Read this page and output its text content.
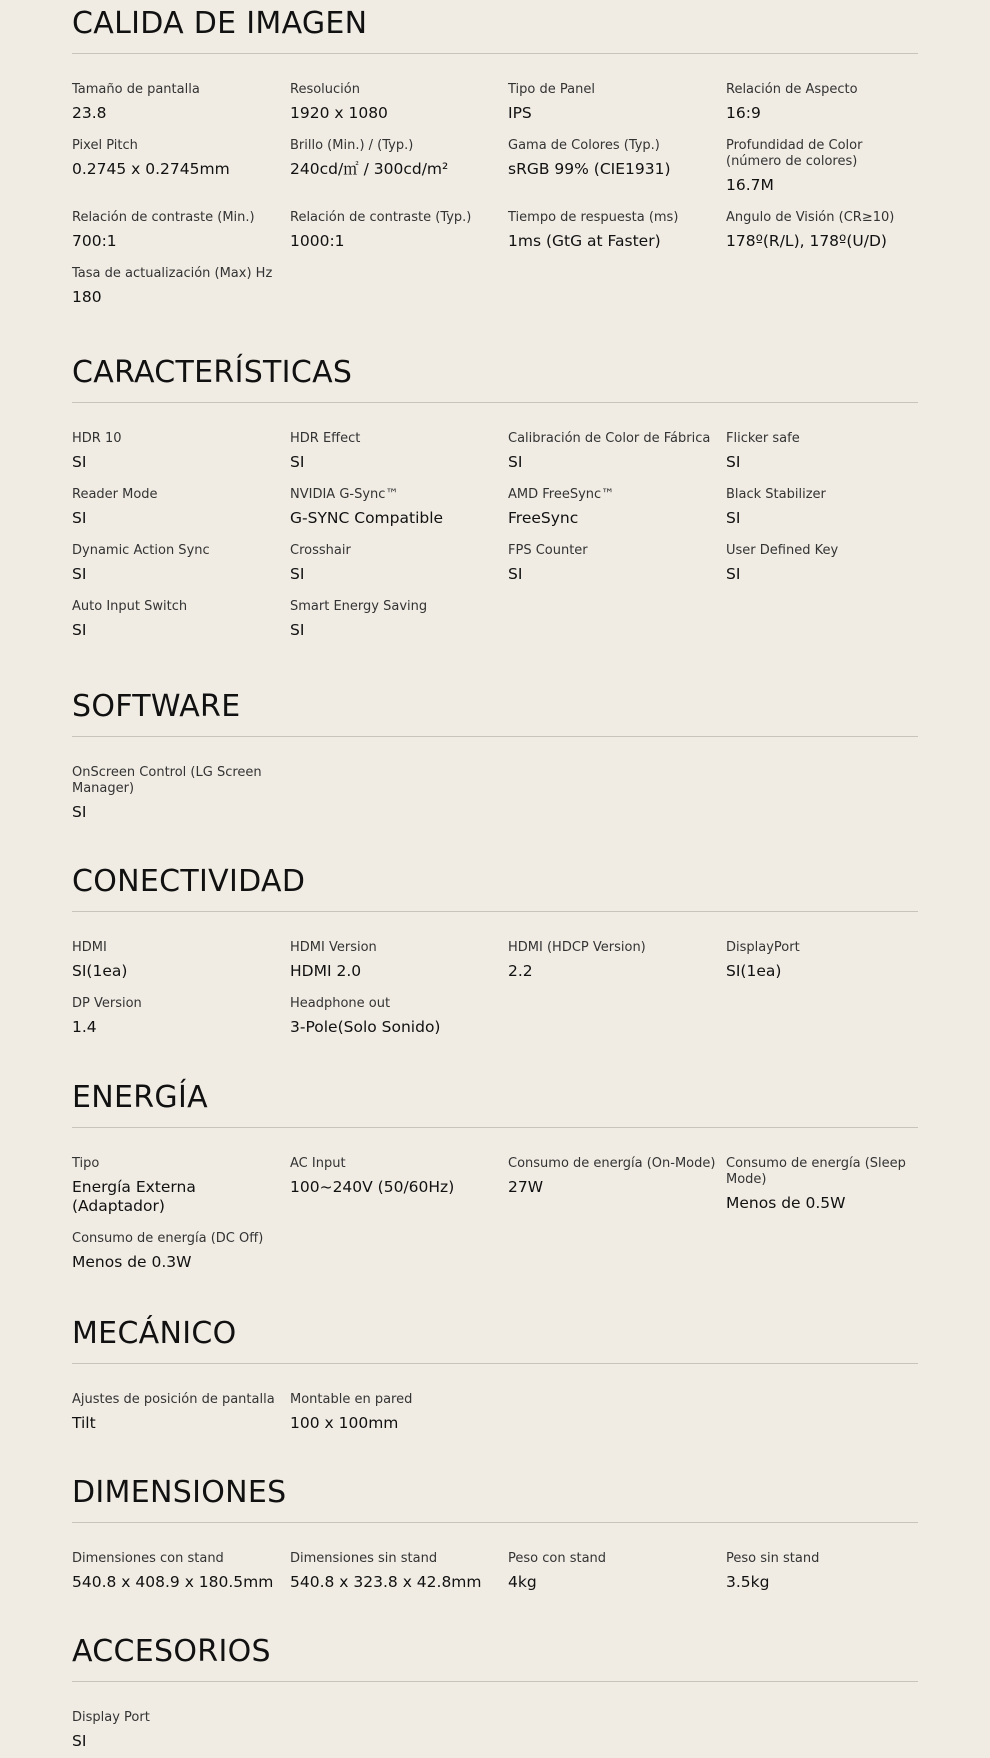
CALIDA DE IMAGEN
Tamaño de pantalla
23.8
Resolución
1920 x 1080
Tipo de Panel
IPS
Relación de Aspecto
16:9
Pixel Pitch
0.2745 x 0.2745mm
Brillo (Min.) / (Typ.)
240cd/㎡ / 300cd/m²
Gama de Colores (Typ.)
sRGB 99% (CIE1931)
Profundidad de Color (número de colores)
16.7M
Relación de contraste (Min.)
700:1
Relación de contraste (Typ.)
1000:1
Tiempo de respuesta (ms)
1ms (GtG at Faster)
Angulo de Visión (CR≥10)
178º(R/L), 178º(U/D)
Tasa de actualización (Max) Hz
180
CARACTERÍSTICAS
HDR 10
SI
HDR Effect
SI
Calibración de Color de Fábrica
SI
Flicker safe
SI
Reader Mode
SI
NVIDIA G-Sync™
G-SYNC Compatible
AMD FreeSync™
FreeSync
Black Stabilizer
SI
Dynamic Action Sync
SI
Crosshair
SI
FPS Counter
SI
User Defined Key
SI
Auto Input Switch
SI
Smart Energy Saving
SI
SOFTWARE
OnScreen Control (LG Screen Manager)
SI
CONECTIVIDAD
HDMI
SI(1ea)
HDMI Version
HDMI 2.0
HDMI (HDCP Version)
2.2
DisplayPort
SI(1ea)
DP Version
1.4
Headphone out
3-Pole(Solo Sonido)
ENERGÍA
Tipo
Energía Externa (Adaptador)
AC Input
100~240V (50/60Hz)
Consumo de energía (On-Mode)
27W
Consumo de energía (Sleep Mode)
Menos de 0.5W
Consumo de energía (DC Off)
Menos de 0.3W
MECÁNICO
Ajustes de posición de pantalla
Tilt
Montable en pared
100 x 100mm
DIMENSIONES
Dimensiones con stand
540.8 x 408.9 x 180.5mm
Dimensiones sin stand
540.8 x 323.8 x 42.8mm
Peso con stand
4kg
Peso sin stand
3.5kg
ACCESORIOS
Display Port
SI
